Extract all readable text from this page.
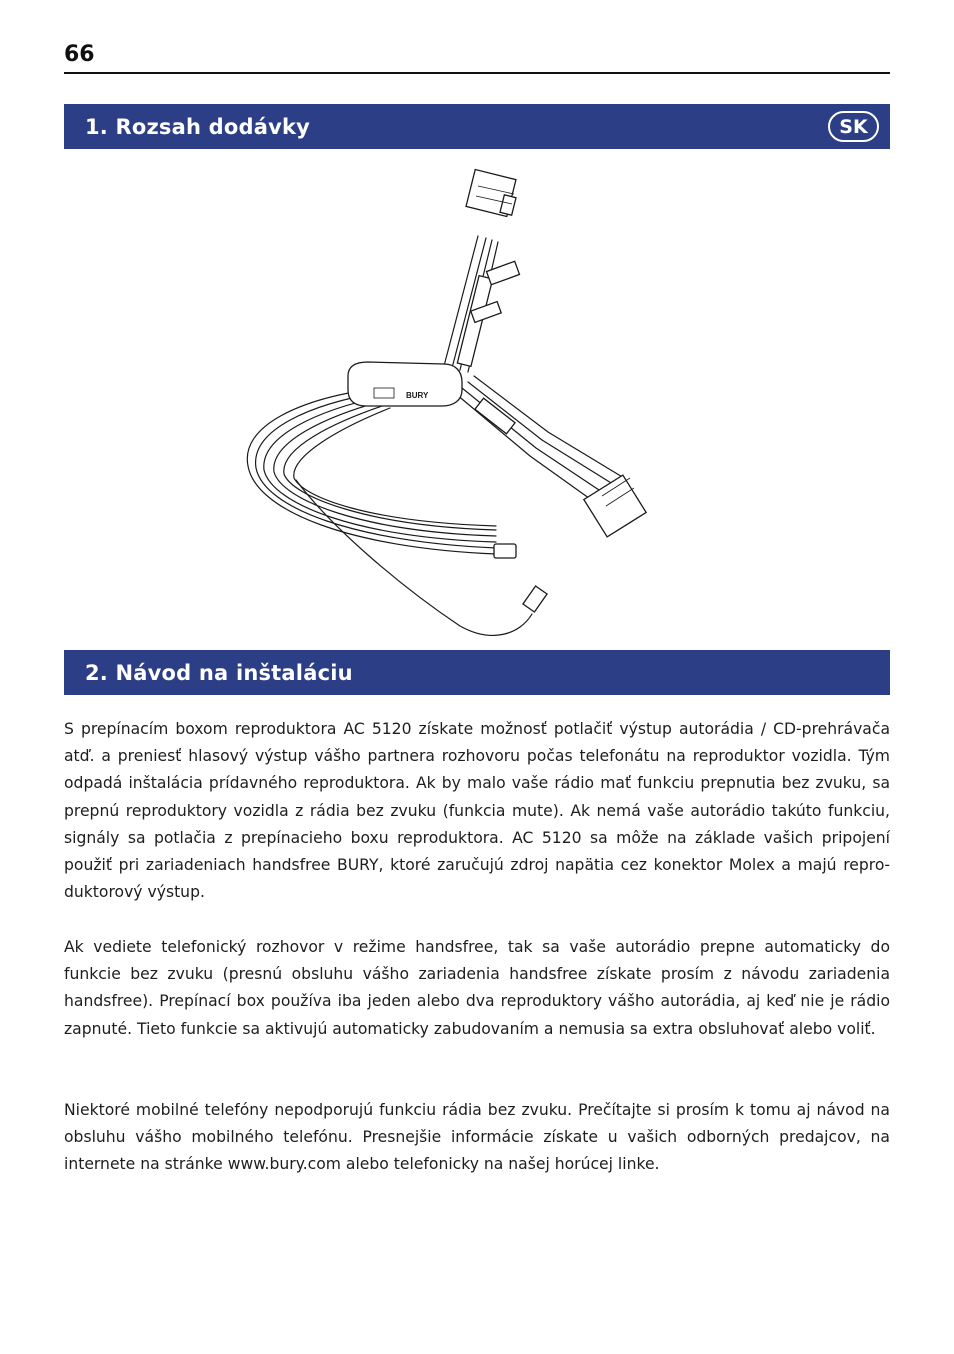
66
1. Rozsah dodávky	SK
BURY
2. Návod na inštaláciu

S prepínacím boxom reproduktora AC 5120 získate možnosť potlačiť výstup autorádia / CD-prehrávača atď. a preniesť hlasový výstup vášho partnera rozhovoru počas telefonátu na reproduktor vozidla. Tým odpadá inštalácia prídavného reproduktora. Ak by malo vaše rádio mať funkciu prepnutia bez zvuku, sa prepnú reproduktory vozidla z rádia bez zvuku (funkcia mute). Ak nemá vaše autorádio takúto funkciu, signály sa potlačia z prepínacieho boxu reproduktora. AC 5120 sa môže na základe vašich pripojení použiť pri zariadeniach handsfree BURY, ktoré zaručujú zdroj napätia cez konektor Molex a majú reproduktorový výstup.

Ak vediete telefonický rozhovor v režime handsfree, tak sa vaše autorádio prepne automaticky do funkcie bez zvuku (presnú obsluhu vášho zariadenia handsfree získate prosím z návodu zariadenia handsfree). Prepínací box používa iba jeden alebo dva reproduktory vášho autorádia, aj keď nie je rádio zapnuté. Tieto funkcie sa aktivujú automaticky zabudovaním a nemusia sa extra obsluhovať alebo voliť.

Niektoré mobilné telefóny nepodporujú funkciu rádia bez zvuku. Prečítajte si prosím k tomu aj návod na obsluhu vášho mobilného telefónu. Presnejšie informácie získate u vašich odborných predajcov, na internete na stránke www.bury.com alebo telefonicky na našej horúcej linke.
